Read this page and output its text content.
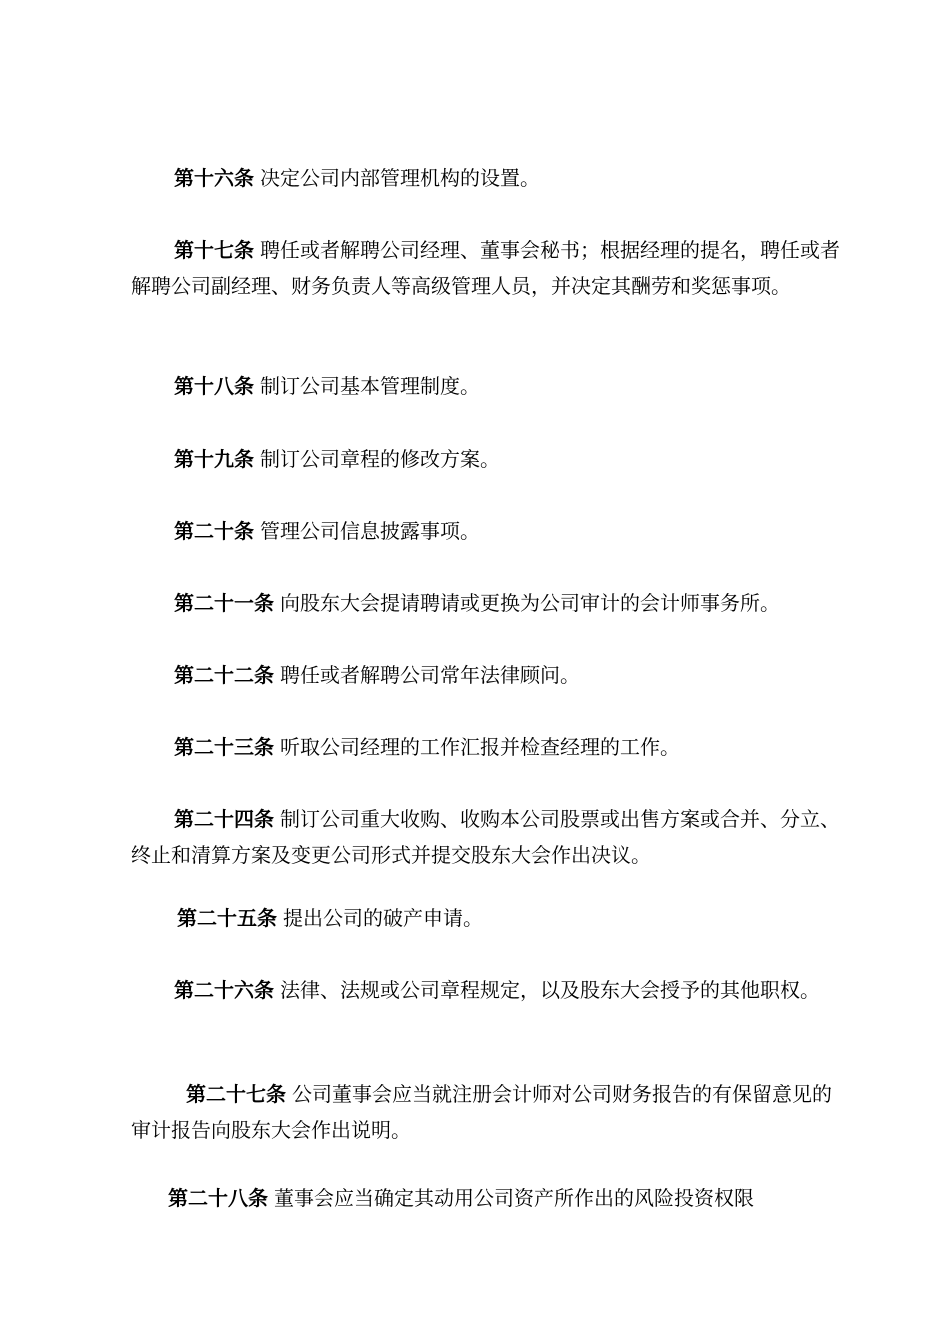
第十六条 决定公司内部管理机构的设置。

第十七条 聘任或者解聘公司经理、董事会秘书；根据经理的提名，聘任或者解聘公司副经理、财务负责人等高级管理人员，并决定其酬劳和奖惩事项。

第十八条 制订公司基本管理制度。

第十九条 制订公司章程的修改方案。

第二十条 管理公司信息披露事项。

第二十一条 向股东大会提请聘请或更换为公司审计的会计师事务所。

第二十二条 聘任或者解聘公司常年法律顾问。

第二十三条 听取公司经理的工作汇报并检查经理的工作。

第二十四条 制订公司重大收购、收购本公司股票或出售方案或合并、分立、终止和清算方案及变更公司形式并提交股东大会作出决议。

第二十五条 提出公司的破产申请。

第二十六条 法律、法规或公司章程规定，以及股东大会授予的其他职权。

第二十七条 公司董事会应当就注册会计师对公司财务报告的有保留意见的审计报告向股东大会作出说明。

第二十八条 董事会应当确定其动用公司资产所作出的风险投资权限
